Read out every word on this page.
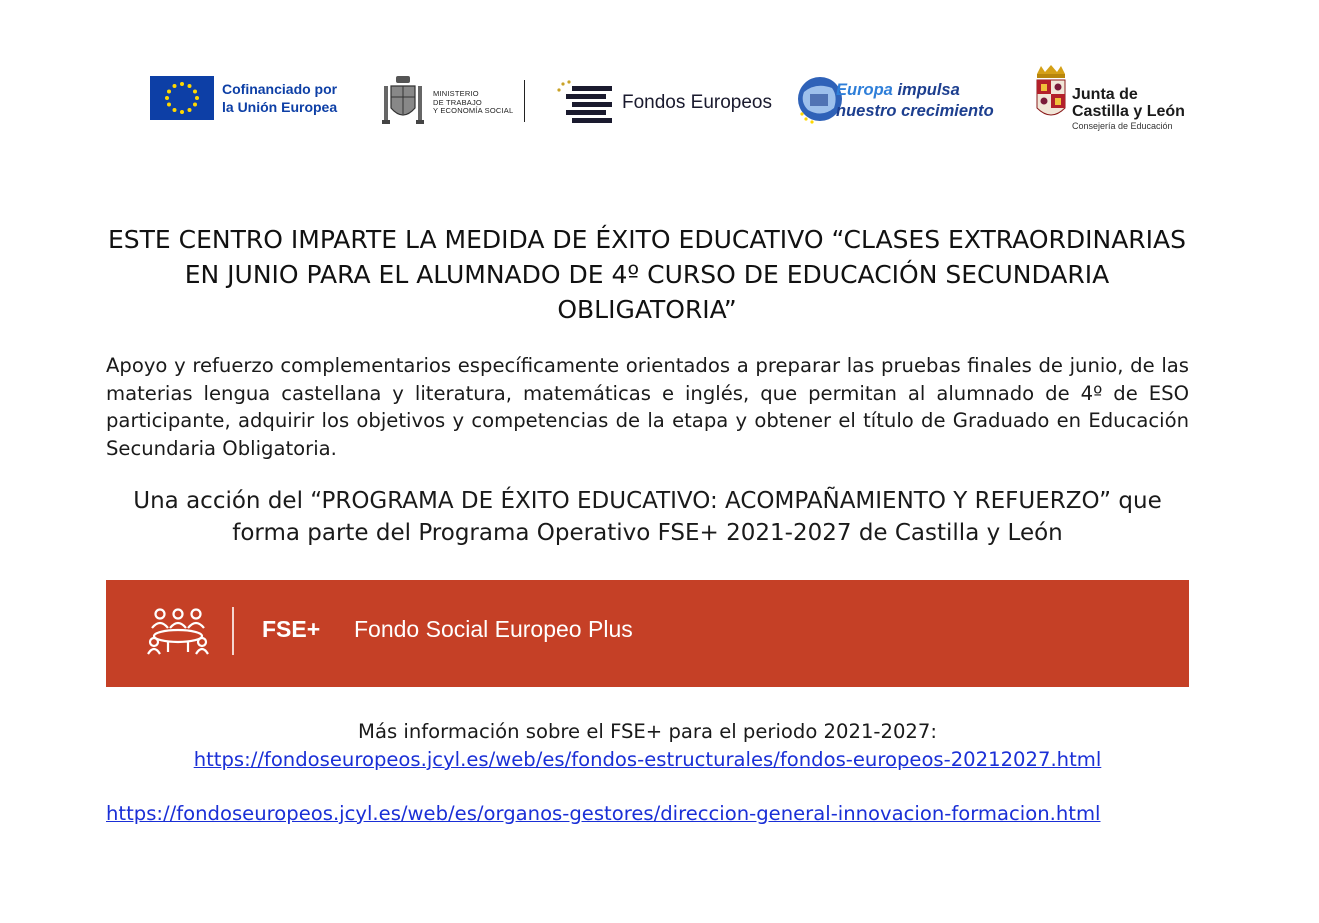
Cofinanciado por
la Unión Europea
MINISTERIO
DE TRABAJO
Y ECONOMÍA SOCIAL	Fondos Europeos
Europa impulsa
nuestro crecimiento
Junta de
Castilla y León
Consejería de Educación
ESTE CENTRO IMPARTE LA MEDIDA DE ÉXITO EDUCATIVO “CLASES EXTRAORDINARIAS EN JUNIO PARA EL ALUMNADO DE 4º CURSO DE EDUCACIÓN SECUNDARIA OBLIGATORIA”
Apoyo y refuerzo complementarios específicamente orientados a preparar las pruebas finales de junio, de las materias lengua castellana y literatura, matemáticas e inglés, que permitan al alumnado de 4º de ESO participante, adquirir los objetivos y competencias de la etapa y obtener el título de Graduado en Educación Secundaria Obligatoria.
Una acción del “PROGRAMA DE ÉXITO EDUCATIVO: ACOMPAÑAMIENTO Y REFUERZO” que forma parte del Programa Operativo FSE+ 2021-2027 de Castilla y León
FSE+ Fondo Social Europeo Plus
Más información sobre el FSE+ para el periodo 2021-2027:
https://fondoseuropeos.jcyl.es/web/es/fondos-estructurales/fondos-europeos-20212027.html
https://fondoseuropeos.jcyl.es/web/es/organos-gestores/direccion-general-innovacion-formacion.html
